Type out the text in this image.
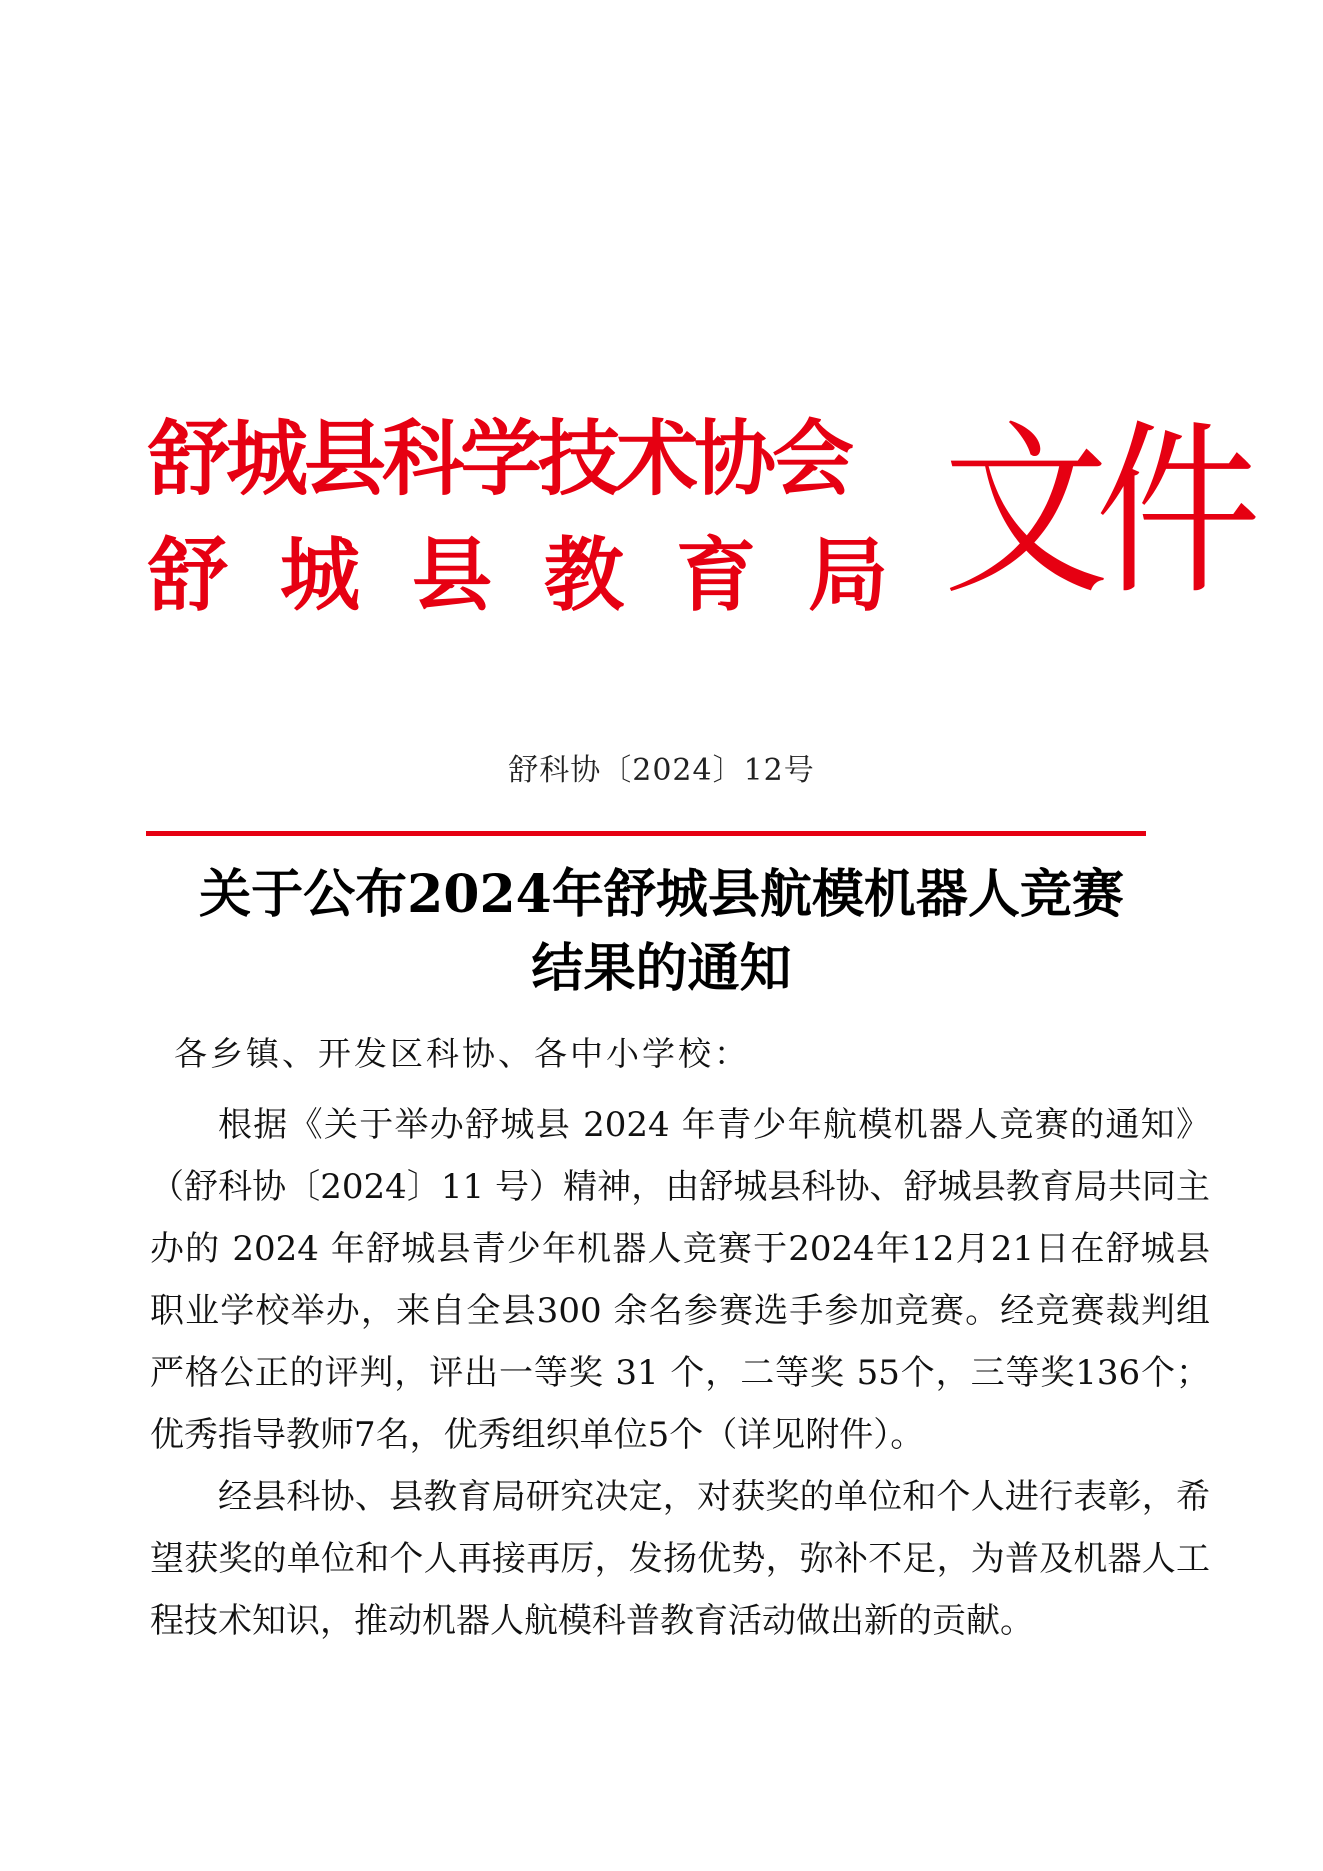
舒城县科学技术协会
舒城县教育局 文件
舒科协〔2024〕12号
关于公布2024年舒城县航模机器人竞赛
结果的通知
各乡镇、开发区科协、各中小学校：

根据《关于举办舒城县 2024 年青少年航模机器人竞赛的通知》（舒科协〔2024〕11 号）精神，由舒城县科协、舒城县教育局共同主办的 2024 年舒城县青少年机器人竞赛于2024年12月21日在舒城县职业学校举办，来自全县300 余名参赛选手参加竞赛。经竞赛裁判组严格公正的评判，评出一等奖 31 个，二等奖 55个，三等奖136个；优秀指导教师7名，优秀组织单位5个（详见附件）。

经县科协、县教育局研究决定，对获奖的单位和个人进行表彰，希望获奖的单位和个人再接再厉，发扬优势，弥补不足，为普及机器人工程技术知识，推动机器人航模科普教育活动做出新的贡献。
